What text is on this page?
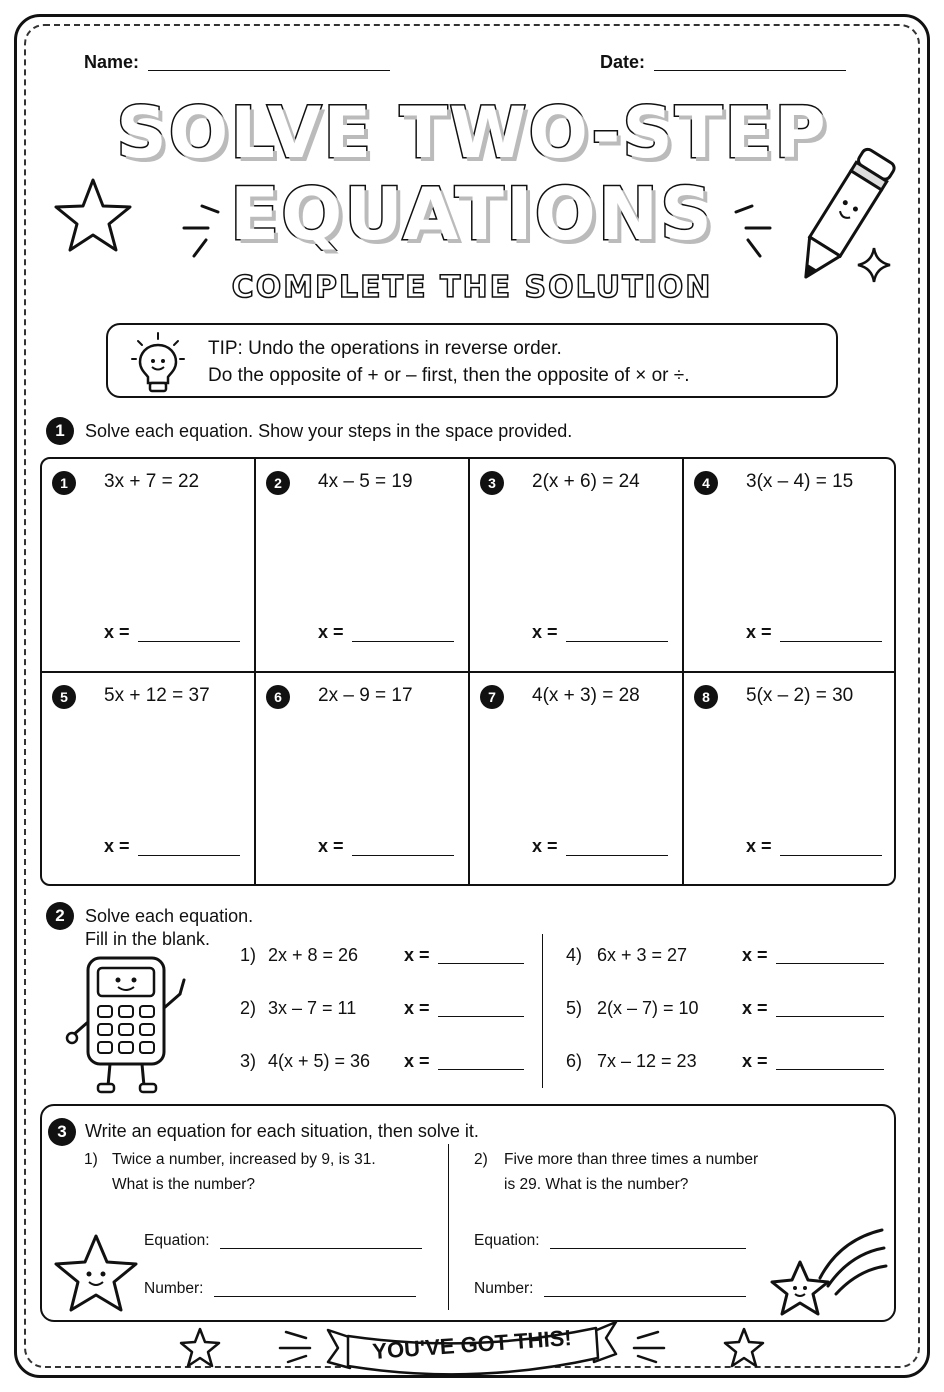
Name:	Date:
SOLVE TWO-STEP
EQUATIONS
COMPLETE THE SOLUTION
TIP: Undo the operations in reverse order.
Do the opposite of + or – first, then the opposite of × or ÷.
1	Solve each equation. Show your steps in the space provided.
1	3x + 7 = 22
x =
2	4x – 5 = 19
x =
3	2(x + 6) = 24
x =
4	3(x – 4) = 15
x =
5	5x + 12 = 37
x =
6	2x – 9 = 17
x =
7	4(x + 3) = 28
x =
8	5(x – 2) = 30
x =
2	Solve each equation.
Fill in the blank.
1) 2x + 8 = 26	x =
2) 3x – 7 = 11	x =
3) 4(x + 5) = 36 x =
4) 6x + 3 = 27	x =
5) 2(x – 7) = 10 x =
6) 7x – 12 = 23	x =
3	Write an equation for each situation, then solve it.
1) Twice a number, increased by 9, is 31.
What is the number?
Equation:
Number:
2) Five more than three times a number
is 29. What is the number?
Equation:
Number:
YOU'VE GOT THIS!
